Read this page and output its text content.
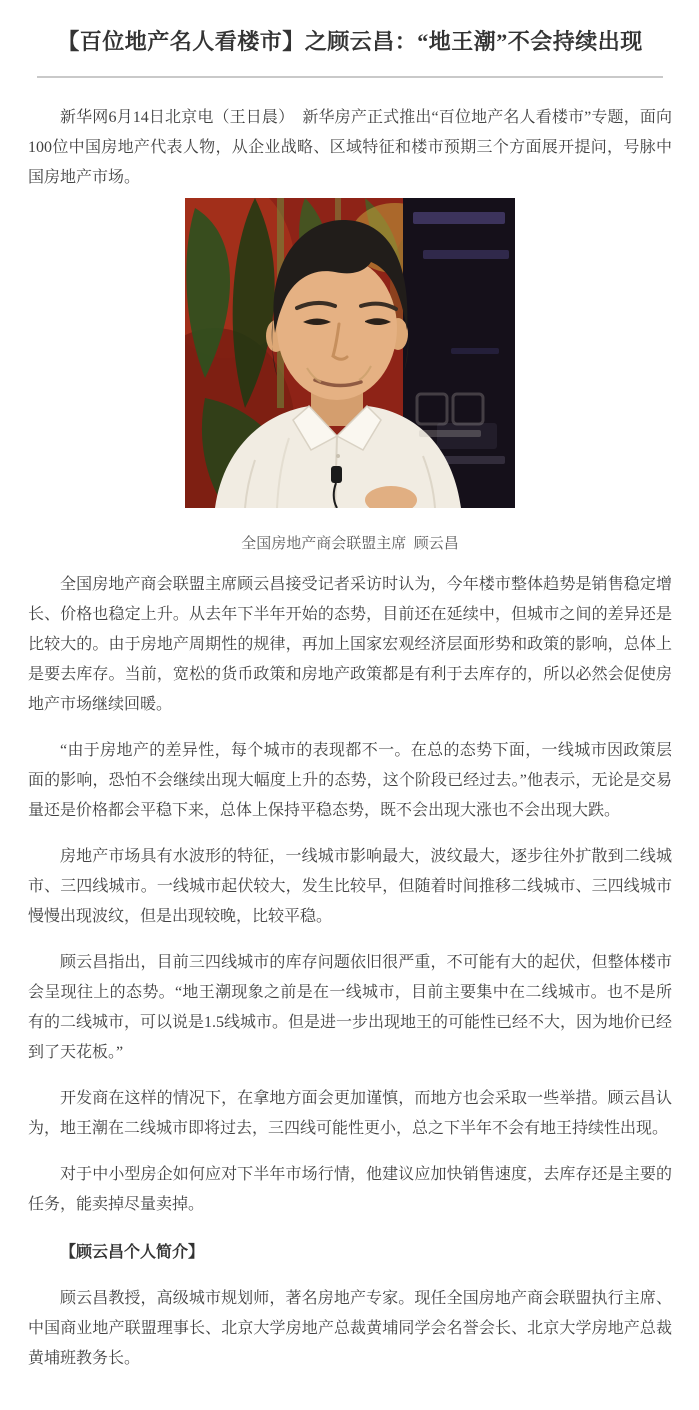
【百位地产名人看楼市】之顾云昌：“地王潮”不会持续出现

新华网6月14日北京电（王日晨）　新华房产正式推出“百位地产名人看楼市”专题，面向100位中国房地产代表人物，从企业战略、区域特征和楼市预期三个方面展开提问，号脉中国房地产市场。

全国房地产商会联盟主席  顾云昌

全国房地产商会联盟主席顾云昌接受记者采访时认为，今年楼市整体趋势是销售稳定增长、价格也稳定上升。从去年下半年开始的态势，目前还在延续中，但城市之间的差异还是比较大的。由于房地产周期性的规律，再加上国家宏观经济层面形势和政策的影响，总体上是要去库存。当前，宽松的货币政策和房地产政策都是有利于去库存的，所以必然会促使房地产市场继续回暖。

“由于房地产的差异性，每个城市的表现都不一。在总的态势下面，一线城市因政策层面的影响，恐怕不会继续出现大幅度上升的态势，这个阶段已经过去。”他表示，无论是交易量还是价格都会平稳下来，总体上保持平稳态势，既不会出现大涨也不会出现大跌。

房地产市场具有水波形的特征，一线城市影响最大，波纹最大，逐步往外扩散到二线城市、三四线城市。一线城市起伏较大，发生比较早，但随着时间推移二线城市、三四线城市慢慢出现波纹，但是出现较晚，比较平稳。

顾云昌指出，目前三四线城市的库存问题依旧很严重，不可能有大的起伏，但整体楼市会呈现往上的态势。“地王潮现象之前是在一线城市，目前主要集中在二线城市。也不是所有的二线城市，可以说是1.5线城市。但是进一步出现地王的可能性已经不大，因为地价已经到了天花板。”

开发商在这样的情况下，在拿地方面会更加谨慎，而地方也会采取一些举措。顾云昌认为，地王潮在二线城市即将过去，三四线可能性更小，总之下半年不会有地王持续性出现。

对于中小型房企如何应对下半年市场行情，他建议应加快销售速度，去库存还是主要的任务，能卖掉尽量卖掉。

【顾云昌个人简介】

顾云昌教授，高级城市规划师，著名房地产专家。现任全国房地产商会联盟执行主席、中国商业地产联盟理事长、北京大学房地产总裁黄埔同学会名誉会长、北京大学房地产总裁黄埔班教务长。
